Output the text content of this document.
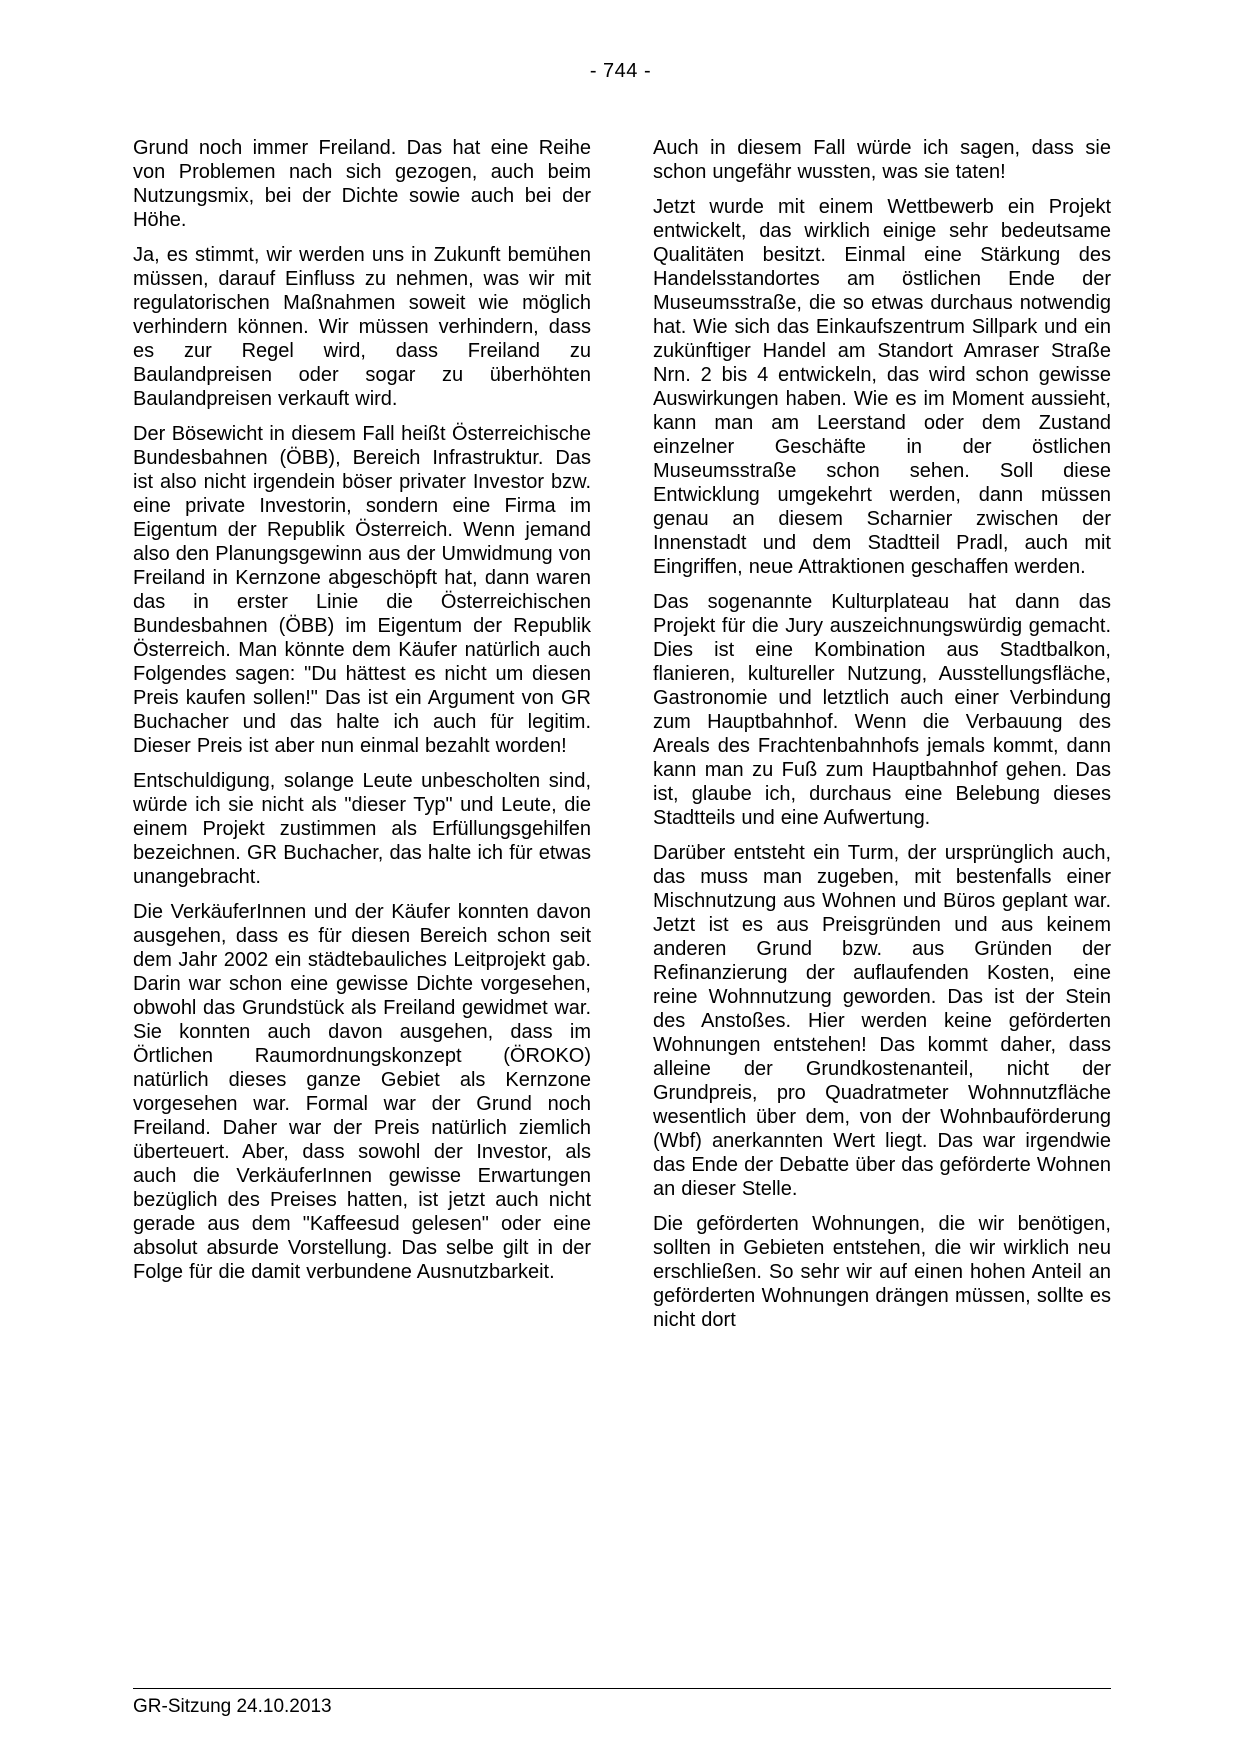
- 744 -

Grund noch immer Freiland. Das hat eine Reihe von Problemen nach sich gezogen, auch beim Nutzungsmix, bei der Dichte sowie auch bei der Höhe.

Ja, es stimmt, wir werden uns in Zukunft bemühen müssen, darauf Einfluss zu nehmen, was wir mit regulatorischen Maßnahmen soweit wie möglich verhindern können. Wir müssen verhindern, dass es zur Regel wird, dass Freiland zu Baulandpreisen oder sogar zu überhöhten Baulandpreisen verkauft wird.

Der Bösewicht in diesem Fall heißt Österreichische Bundesbahnen (ÖBB), Bereich Infrastruktur. Das ist also nicht irgendein böser privater Investor bzw. eine private Investorin, sondern eine Firma im Eigentum der Republik Österreich. Wenn jemand also den Planungsgewinn aus der Umwidmung von Freiland in Kernzone abgeschöpft hat, dann waren das in erster Linie die Österreichischen Bundesbahnen (ÖBB) im Eigentum der Republik Österreich. Man könnte dem Käufer natürlich auch Folgendes sagen: "Du hättest es nicht um diesen Preis kaufen sollen!" Das ist ein Argument von GR Buchacher und das halte ich auch für legitim. Dieser Preis ist aber nun einmal bezahlt worden!

Entschuldigung, solange Leute unbescholten sind, würde ich sie nicht als "dieser Typ" und Leute, die einem Projekt zustimmen als Erfüllungsgehilfen bezeichnen. GR Buchacher, das halte ich für etwas unangebracht.

Die VerkäuferInnen und der Käufer konnten davon ausgehen, dass es für diesen Bereich schon seit dem Jahr 2002 ein städtebauliches Leitprojekt gab. Darin war schon eine gewisse Dichte vorgesehen, obwohl das Grundstück als Freiland gewidmet war. Sie konnten auch davon ausgehen, dass im Örtlichen Raumordnungskonzept (ÖROKO) natürlich dieses ganze Gebiet als Kernzone vorgesehen war. Formal war der Grund noch Freiland. Daher war der Preis natürlich ziemlich überteuert. Aber, dass sowohl der Investor, als auch die VerkäuferInnen gewisse Erwartungen bezüglich des Preises hatten, ist jetzt auch nicht gerade aus dem "Kaffeesud gelesen" oder eine absolut absurde Vorstellung. Das selbe gilt in der Folge für die damit verbundene Ausnutzbarkeit.

Auch in diesem Fall würde ich sagen, dass sie schon ungefähr wussten, was sie taten!

Jetzt wurde mit einem Wettbewerb ein Projekt entwickelt, das wirklich einige sehr bedeutsame Qualitäten besitzt. Einmal eine Stärkung des Handelsstandortes am östlichen Ende der Museumsstraße, die so etwas durchaus notwendig hat. Wie sich das Einkaufszentrum Sillpark und ein zukünftiger Handel am Standort Amraser Straße Nrn. 2 bis 4 entwickeln, das wird schon gewisse Auswirkungen haben. Wie es im Moment aussieht, kann man am Leerstand oder dem Zustand einzelner Geschäfte in der östlichen Museumsstraße schon sehen. Soll diese Entwicklung umgekehrt werden, dann müssen genau an diesem Scharnier zwischen der Innenstadt und dem Stadtteil Pradl, auch mit Eingriffen, neue Attraktionen geschaffen werden.

Das sogenannte Kulturplateau hat dann das Projekt für die Jury auszeichnungswürdig gemacht. Dies ist eine Kombination aus Stadtbalkon, flanieren, kultureller Nutzung, Ausstellungsfläche, Gastronomie und letztlich auch einer Verbindung zum Hauptbahnhof. Wenn die Verbauung des Areals des Frachtenbahnhofs jemals kommt, dann kann man zu Fuß zum Hauptbahnhof gehen. Das ist, glaube ich, durchaus eine Belebung dieses Stadtteils und eine Aufwertung.

Darüber entsteht ein Turm, der ursprünglich auch, das muss man zugeben, mit bestenfalls einer Mischnutzung aus Wohnen und Büros geplant war. Jetzt ist es aus Preisgründen und aus keinem anderen Grund bzw. aus Gründen der Refinanzierung der auflaufenden Kosten, eine reine Wohnnutzung geworden. Das ist der Stein des Anstoßes. Hier werden keine geförderten Wohnungen entstehen! Das kommt daher, dass alleine der Grundkostenanteil, nicht der Grundpreis, pro Quadratmeter Wohnnutzfläche wesentlich über dem, von der Wohnbauförderung (Wbf) anerkannten Wert liegt. Das war irgendwie das Ende der Debatte über das geförderte Wohnen an dieser Stelle.

Die geförderten Wohnungen, die wir benötigen, sollten in Gebieten entstehen, die wir wirklich neu erschließen. So sehr wir auf einen hohen Anteil an geförderten Wohnungen drängen müssen, sollte es nicht dort

GR-Sitzung 24.10.2013
